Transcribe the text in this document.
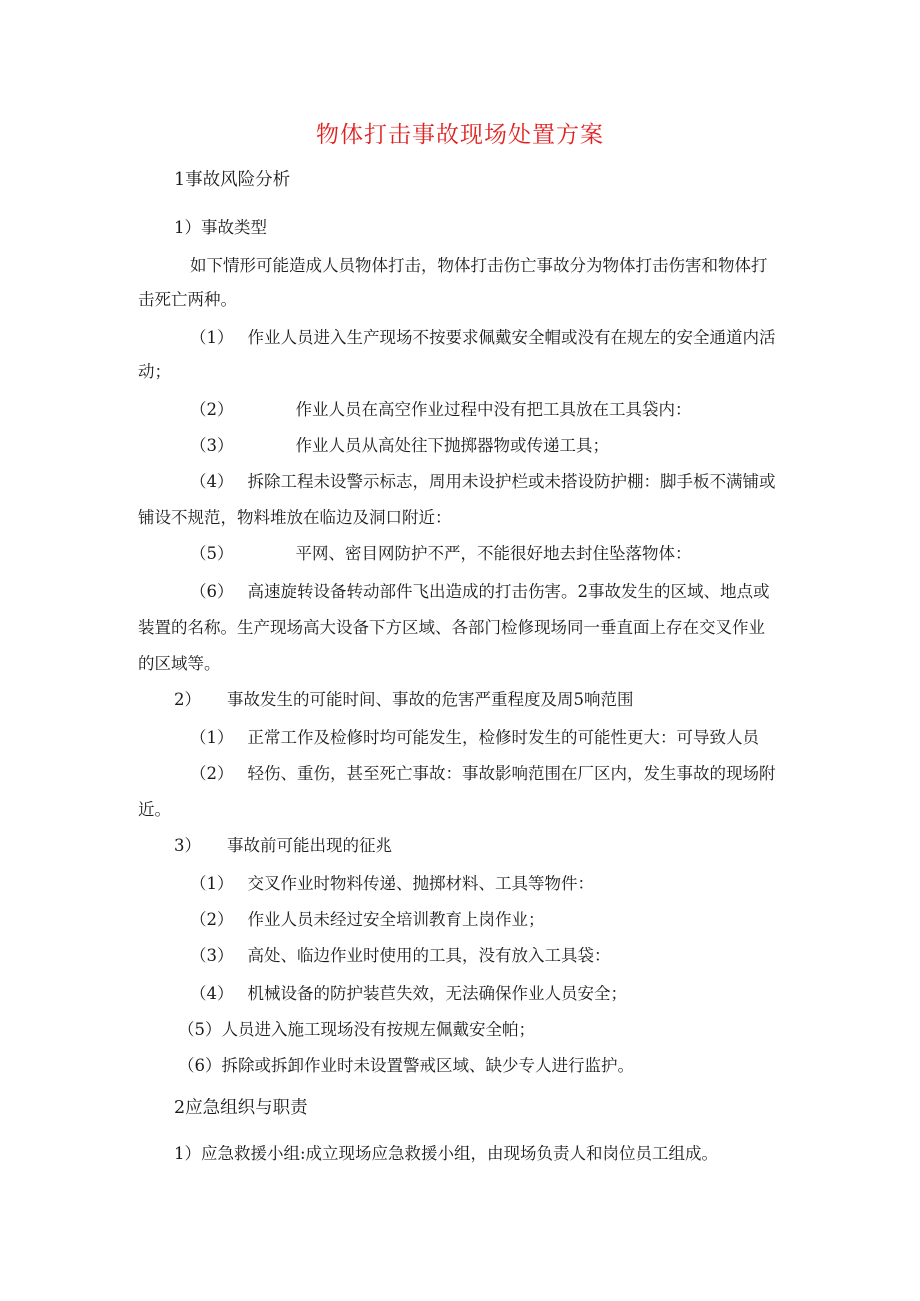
物体打击事故现场处置方案

1事故风险分析

1）事故类型

如下情形可能造成人员物体打击，物体打击伤亡事故分为物体打击伤害和物体打

击死亡两种。

（1） 作业人员进入生产现场不按要求佩戴安全帽或没有在规左的安全通道内活

动；

（2）	作业人员在高空作业过程中没有把工具放在工具袋内：

（3）	作业人员从高处往下抛掷器物或传递工具；

（4） 拆除工程未设警示标志，周用未设护栏或未搭设防护棚：脚手板不满铺或

铺设不规范，物料堆放在临边及洞口附近：

（5）	平网、密目网防护不严，不能很好地去封住坠落物体：

（6） 高速旋转设备转动部件飞出造成的打击伤害。2事故发生的区域、地点或

装置的名称。生产现场高大设备下方区域、各部门检修现场同一垂直面上存在交叉作业

的区域等。

2） 事故发生的可能时间、事故的危害严重程度及周5响范围

（1） 正常工作及检修时均可能发生，检修时发生的可能性更大：可导致人员

（2） 轻伤、重伤，甚至死亡事故：事故影响范围在厂区内，发生事故的现场附

近。

3） 事故前可能出现的征兆

（1） 交叉作业时物料传递、抛掷材料、工具等物件：

（2） 作业人员未经过安全培训教育上岗作业；

（3） 高处、临边作业时使用的工具，没有放入工具袋：

（4） 机械设备的防护装苣失效，无法确保作业人员安全；

（5）人员进入施工现场没有按规左佩戴安全帕；

（6）拆除或拆卸作业时未设置警戒区域、缺少专人进行监护。

2应急组织与职责

1）应急救援小组:成立现场应急救援小组，由现场负责人和岗位员工组成。
